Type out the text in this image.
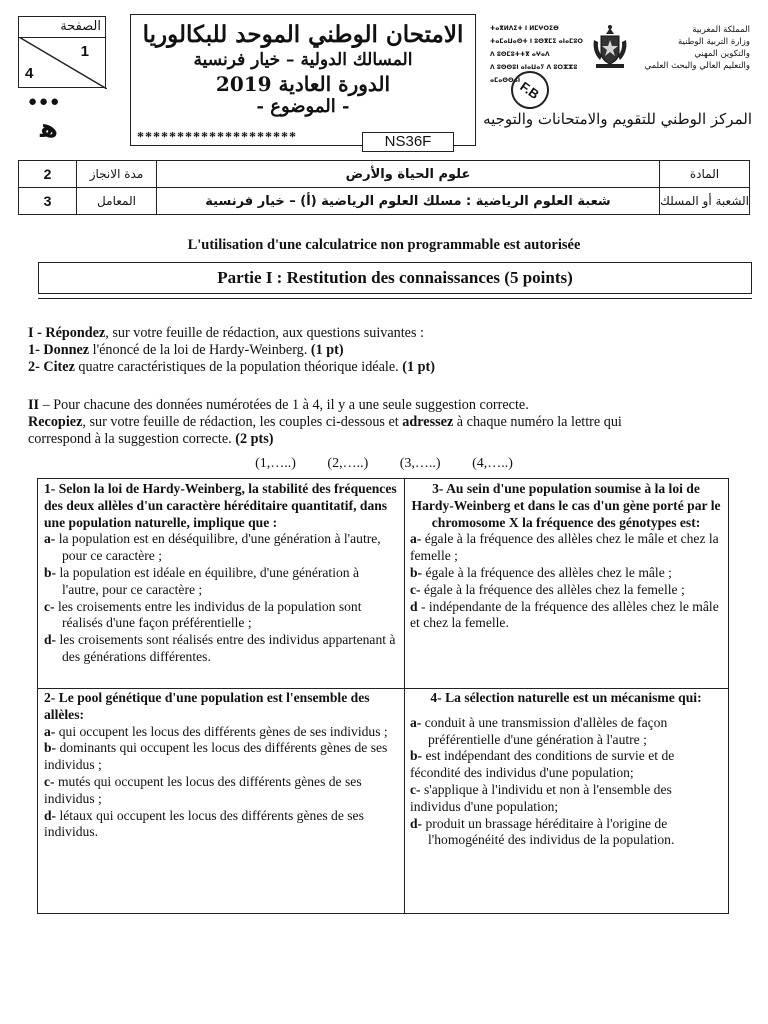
الصفحة
1
4
●●●
ﻫ
الامتحان الوطني الموحد للبكالوريا
المسالك الدولية – خيار فرنسية
الدورة العادية 2019
- الموضوع -
********************
F.B
NS36F
ⵜⴰⴳⵍⴷⵉⵜ ⵏ ⵍⵎⵖⵔⵉⴱ
ⵜⴰⵎⴰⵡⴰⵙⵜ ⵏ ⵓⵙⴳⵎⵉ ⴰⵏⴰⵎⵓⵔ
ⴷ ⵓⵙⵎⵓⵜⵜⴳ ⴰⵖⴰⴷ
ⴷ ⵓⵙⵙⵓⵏ ⴰⵏⴰⵡⴰⵢ ⴷ ⵓⵔⵣⵣⵓ ⴰⵎⴰⵙⵙⴰⵏ
المملكة المغربية
وزارة التربية الوطنية
والتكوين المهني
والتعليم العالي والبحث العلمي
المركز الوطني للتقويم والامتحانات والتوجيه
2	مدة الانجاز	علوم الحياة والأرض	المادة
3	المعامل	شعبة العلوم الرياضية : مسلك العلوم الرياضية (أ) – خيار فرنسية	الشعبة أو المسلك
L'utilisation d'une calculatrice non programmable est autorisée
Partie I : Restitution des connaissances (5 points)

I - Répondez, sur votre feuille de rédaction, aux questions suivantes :

1- Donnez l'énoncé de la loi de Hardy-Weinberg. (1 pt)

2- Citez quatre caractéristiques de la population théorique idéale. (1 pt)

II – Pour chacune des données numérotées de 1 à 4, il y a une seule suggestion correcte.

Recopiez, sur votre feuille de rédaction, les couples ci-dessous et adressez à chaque numéro la lettre qui

correspond à la suggestion correcte. (2 pts)

(1,…..) (2,…..) (3,…..) (4,…..)

1- Selon la loi de Hardy-Weinberg, la stabilité des fréquences des deux allèles d'un caractère héréditaire quantitatif, dans une population naturelle, implique que :

a- la population est en déséquilibre, d'une génération à l'autre, pour ce caractère ;

b- la population est idéale en équilibre, d'une génération à l'autre, pour ce caractère ;

c- les croisements entre les individus de la population sont réalisés d'une façon préférentielle ;

d- les croisements sont réalisés entre des individus appartenant à des générations différentes.

3- Au sein d'une population soumise à la loi de Hardy-Weinberg et dans le cas d'un gène porté par le chromosome X la fréquence des génotypes est:

a- égale à la fréquence des allèles chez le mâle et chez la femelle ;

b- égale à la fréquence des allèles chez le mâle ;

c- égale à la fréquence des allèles chez la femelle ;

d - indépendante de la fréquence des allèles chez le mâle et chez la femelle.

2- Le pool génétique d'une population est l'ensemble des allèles:

a- qui occupent les locus des différents gènes de ses individus ;

b- dominants qui occupent les locus des différents gènes de ses individus ;

c- mutés qui occupent les locus des différents gènes de ses individus ;

d- létaux qui occupent les locus des différents gènes de ses individus.

4- La sélection naturelle est un mécanisme qui:

a- conduit à une transmission d'allèles de façon préférentielle d'une génération à l'autre ;

b- est indépendant des conditions de survie et de fécondité des individus d'une population;

c- s'applique à l'individu et non à l'ensemble des individus d'une population;

d- produit un brassage héréditaire à l'origine de l'homogénéité des individus de la population.
